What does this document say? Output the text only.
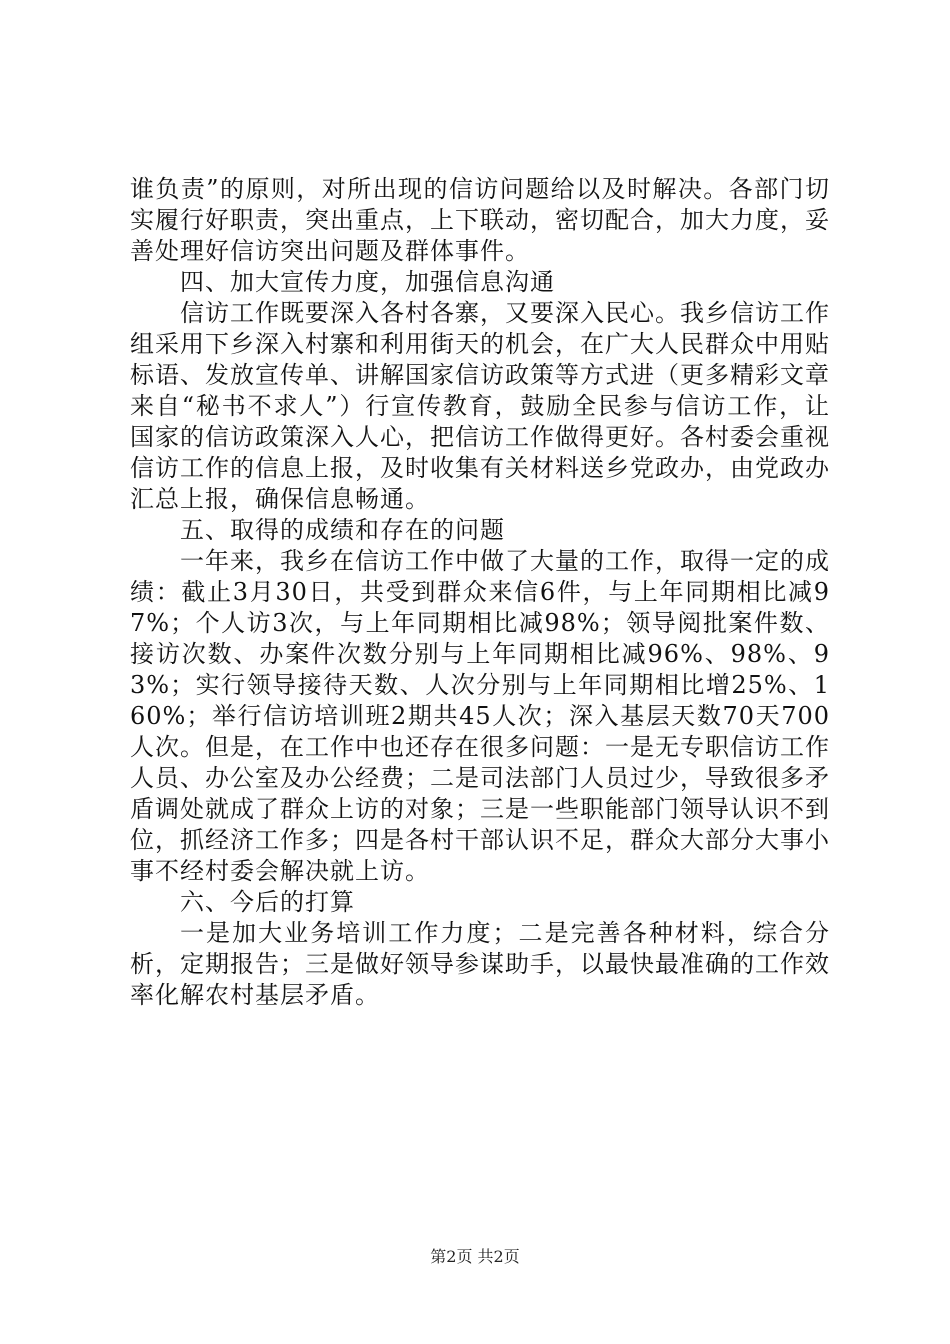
谁负责”的原则，对所出现的信访问题给以及时解决。各部门切实履行好职责，突出重点，上下联动，密切配合，加大力度，妥善处理好信访突出问题及群体事件。

四、加大宣传力度，加强信息沟通

信访工作既要深入各村各寨，又要深入民心。我乡信访工作组采用下乡深入村寨和利用街天的机会，在广大人民群众中用贴标语、发放宣传单、讲解国家信访政策等方式进（更多精彩文章来自“秘书不求人”）行宣传教育，鼓励全民参与信访工作，让国家的信访政策深入人心，把信访工作做得更好。各村委会重视信访工作的信息上报，及时收集有关材料送乡党政办，由党政办汇总上报，确保信息畅通。

五、取得的成绩和存在的问题

一年来，我乡在信访工作中做了大量的工作，取得一定的成绩：截止3月30日，共受到群众来信6件，与上年同期相比减97%；个人访3次，与上年同期相比减98%；领导阅批案件数、接访次数、办案件次数分别与上年同期相比减96%、98%、93%；实行领导接待天数、人次分别与上年同期相比增25%、160%；举行信访培训班2期共45人次；深入基层天数70天700人次。但是，在工作中也还存在很多问题：一是无专职信访工作人员、办公室及办公经费；二是司法部门人员过少，导致很多矛盾调处就成了群众上访的对象；三是一些职能部门领导认识不到位，抓经济工作多；四是各村干部认识不足，群众大部分大事小事不经村委会解决就上访。

六、今后的打算

一是加大业务培训工作力度；二是完善各种材料，综合分析，定期报告；三是做好领导参谋助手，以最快最准确的工作效率化解农村基层矛盾。

第2页 共2页
